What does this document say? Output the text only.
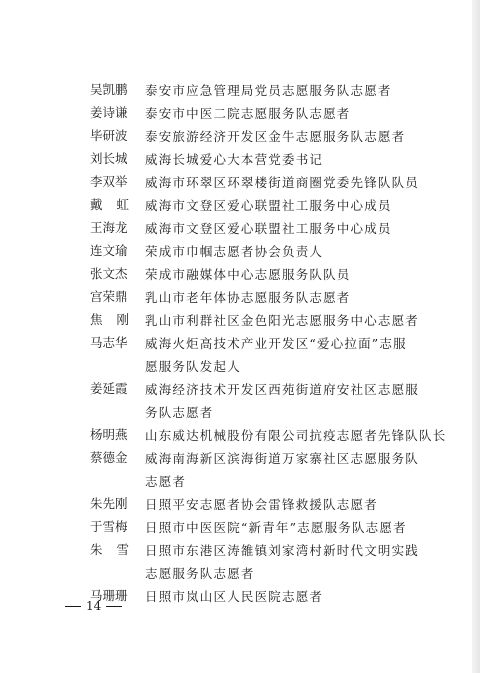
吴凯鹏	泰安市应急管理局党员志愿服务队志愿者
姜诗谦	泰安市中医二院志愿服务队志愿者
毕研波	泰安旅游经济开发区金牛志愿服务队志愿者
刘长城	威海长城爱心大本营党委书记
李双举	威海市环翠区环翠楼街道商圈党委先锋队队员
戴虹 威海市文登区爱心联盟社工服务中心成员
王海龙	威海市文登区爱心联盟社工服务中心成员
连文瑜	荣成市巾帼志愿者协会负责人
张文杰	荣成市融媒体中心志愿服务队队员
宫荣鼎	乳山市老年体协志愿服务队志愿者
焦刚 乳山市利群社区金色阳光志愿服务中心志愿者
马志华	威海火炬高技术产业开发区“爱心拉面”志服
愿服务队发起人
姜延霞	威海经济技术开发区西苑街道府安社区志愿服
务队志愿者
杨明燕	山东威达机械股份有限公司抗疫志愿者先锋队队长
蔡德金	威海南海新区滨海街道万家寨社区志愿服务队
志愿者
朱先刚	日照平安志愿者协会雷锋救援队志愿者
于雪梅	日照市中医医院“新青年”志愿服务队志愿者
朱雪 日照市东港区涛雒镇刘家湾村新时代文明实践
志愿服务队志愿者
马珊珊	日照市岚山区人民医院志愿者
14
